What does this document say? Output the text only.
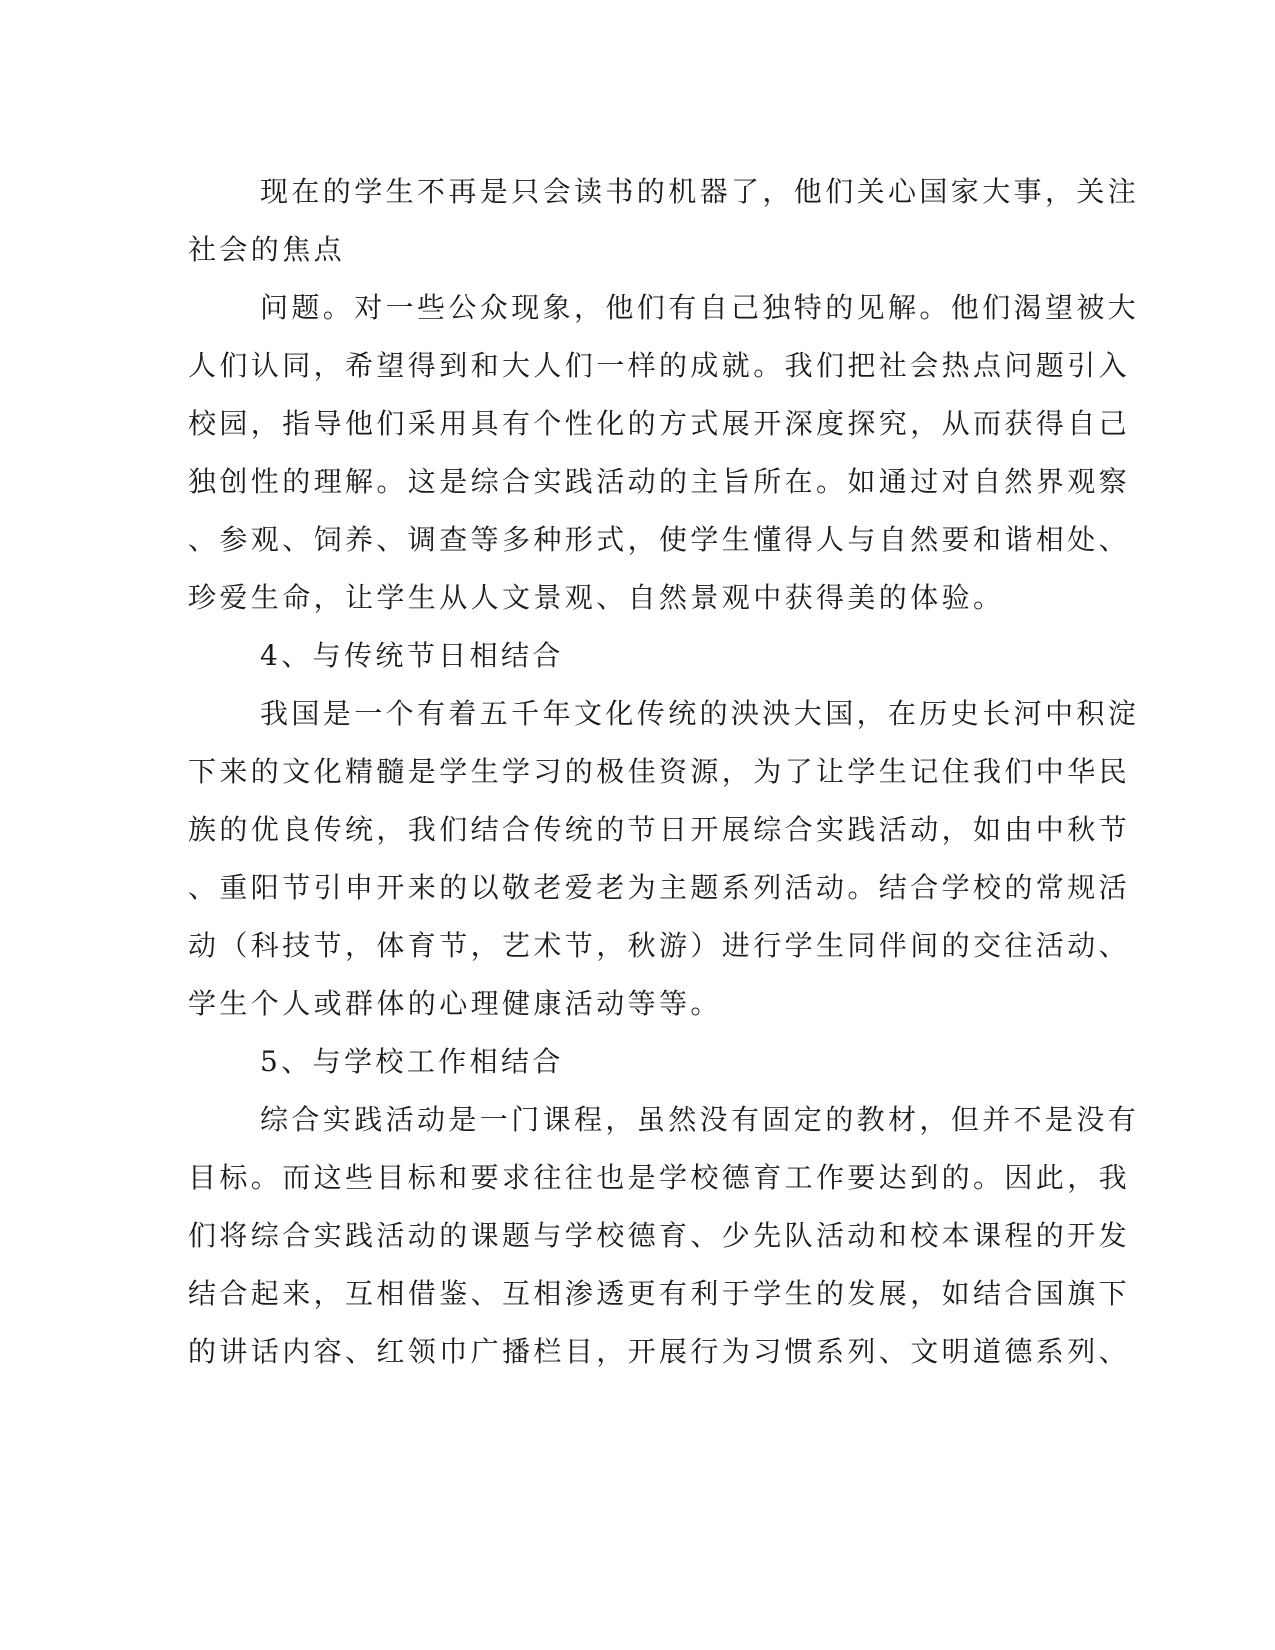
现在的学生不再是只会读书的机器了，他们关心国家大事，关注
社会的焦点
问题。对一些公众现象，他们有自己独特的见解。他们渴望被大
人们认同，希望得到和大人们一样的成就。我们把社会热点问题引入
校园，指导他们采用具有个性化的方式展开深度探究，从而获得自己
独创性的理解。这是综合实践活动的主旨所在。如通过对自然界观察
、参观、饲养、调查等多种形式，使学生懂得人与自然要和谐相处、
珍爱生命，让学生从人文景观、自然景观中获得美的体验。
4、与传统节日相结合
我国是一个有着五千年文化传统的泱泱大国，在历史长河中积淀
下来的文化精髓是学生学习的极佳资源，为了让学生记住我们中华民
族的优良传统，我们结合传统的节日开展综合实践活动，如由中秋节
、重阳节引申开来的以敬老爱老为主题系列活动。结合学校的常规活
动（科技节，体育节，艺术节，秋游）进行学生同伴间的交往活动、
学生个人或群体的心理健康活动等等。
5、与学校工作相结合
综合实践活动是一门课程，虽然没有固定的教材，但并不是没有
目标。而这些目标和要求往往也是学校德育工作要达到的。因此，我
们将综合实践活动的课题与学校德育、少先队活动和校本课程的开发
结合起来，互相借鉴、互相渗透更有利于学生的发展，如结合国旗下
的讲话内容、红领巾广播栏目，开展行为习惯系列、文明道德系列、
